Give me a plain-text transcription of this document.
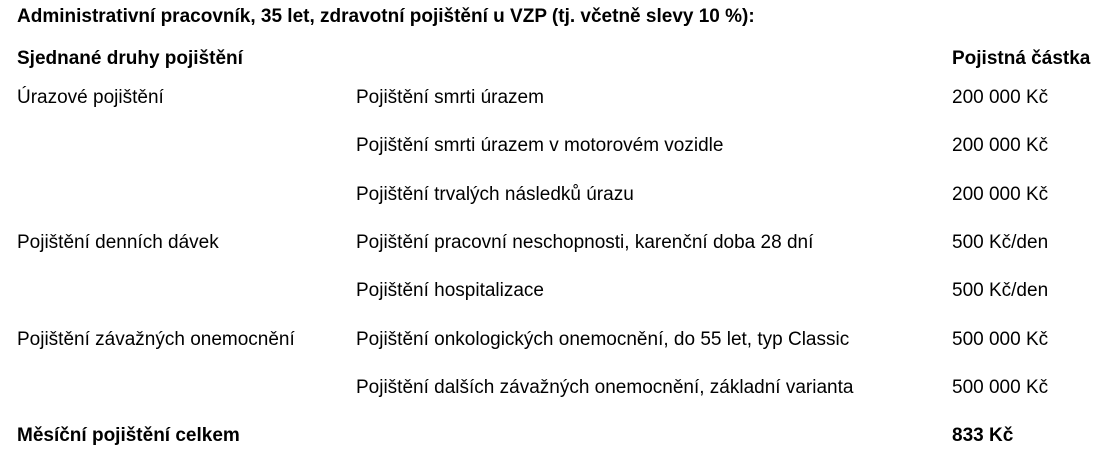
Administrativní pracovník, 35 let, zdravotní pojištění u VZP (tj. včetně slevy 10 %):
Sjednané druhy pojištění		Pojistná částka
Úrazové pojištění	Pojištění smrti úrazem	200 000 Kč
	Pojištění smrti úrazem v motorovém vozidle	200 000 Kč
	Pojištění trvalých následků úrazu	200 000 Kč
Pojištění denních dávek	Pojištění pracovní neschopnosti, karenční doba 28 dní	500 Kč/den
	Pojištění hospitalizace	500 Kč/den
Pojištění závažných onemocnění	Pojištění onkologických onemocnění, do 55 let, typ Classic	500 000 Kč
	Pojištění dalších závažných onemocnění, základní varianta	500 000 Kč
Měsíční pojištění celkem		833 Kč
